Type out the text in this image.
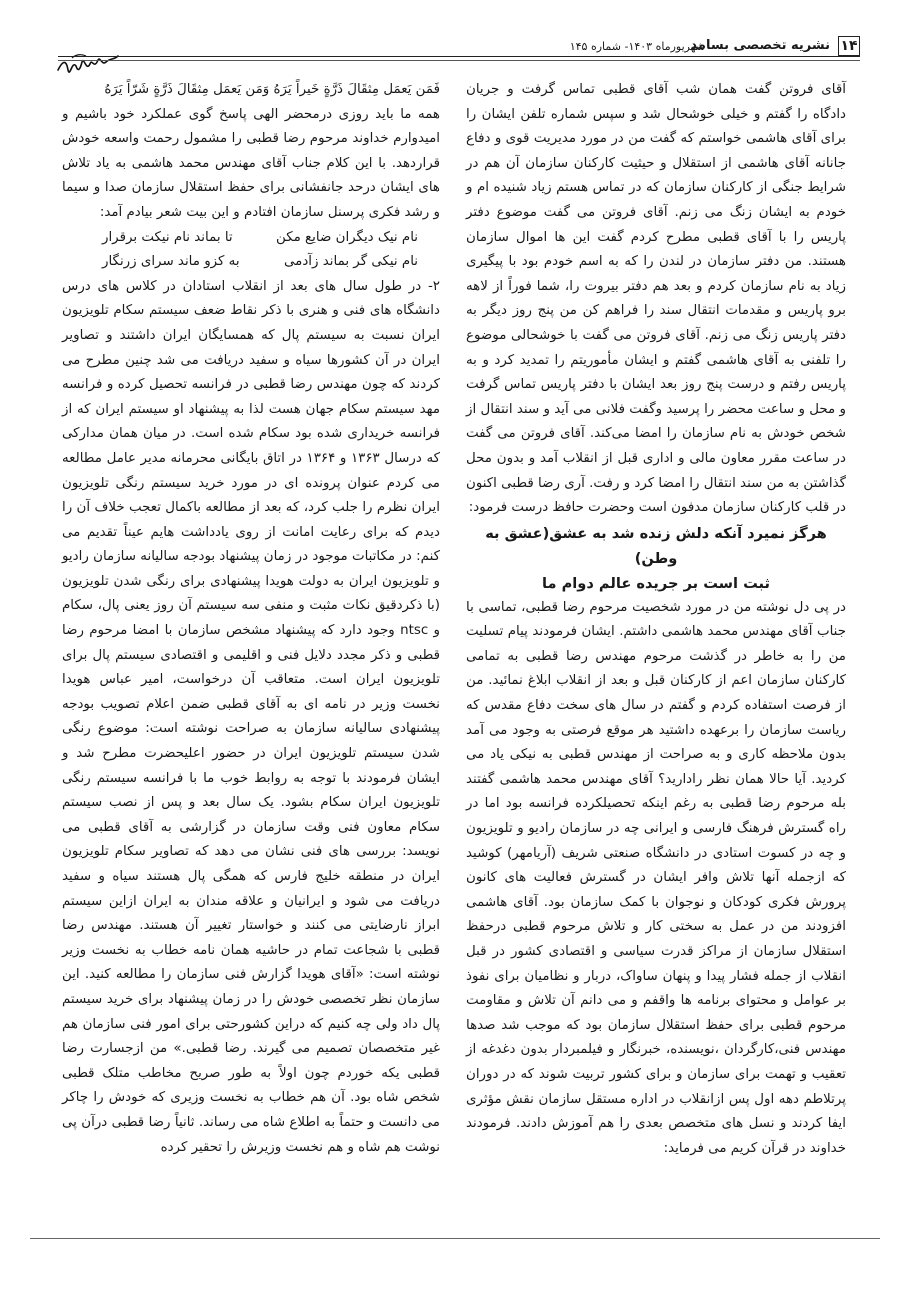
۱۴
نشریه تخصصی بسامد
شهریورماه ۱۴۰۳- شماره ۱۴۵

آقای فروتن گفت همان شب آقای قطبی تماس گرفت و جریان دادگاه را گفتم و خیلی خوشحال شد و سپس شماره تلفن ایشان را برای آقای هاشمی خواستم که گفت من در مورد مدیریت قوی و دفاع جانانه آقای هاشمی از استقلال و حیثیت کارکنان سازمان آن هم در شرایط جنگی از کارکنان سازمان که در تماس هستم زیاد شنیده ام و خودم به ایشان زنگ می زنم. آقای فروتن می گفت موضوع دفتر پاریس را با آقای قطبی مطرح کردم گفت این ها اموال سازمان هستند. من دفتر سازمان در لندن را که به اسم خودم بود با پیگیری زیاد به نام سازمان کردم و بعد هم دفتر بیروت را، شما فوراً از لاهه برو پاریس و مقدمات انتقال سند را فراهم کن من پنج روز دیگر به دفتر پاریس زنگ می زنم. آقای فروتن می گفت با خوشحالی موضوع را تلفنی به آقای هاشمی گفتم و ایشان مأموریتم را تمدید کرد و به پاریس رفتم و درست پنج روز بعد ایشان با دفتر پاریس تماس گرفت و محل و ساعت محضر را پرسید وگفت فلانی می آید و سند انتقال از شخص خودش به نام سازمان را امضا می‌کند. آقای فروتن می گفت در ساعت مقرر معاون مالی و اداری قبل از انقلاب آمد و بدون محل گذاشتن به من سند انتقال را امضا کرد و رفت. آری رضا قطبی اکنون در قلب کارکنان سازمان مدفون است وحضرت حافظ درست فرمود:

هرگز نمیرد آنکه دلش زنده شد به عشق(عشق به وطن)

ثبت است بر جریده عالم دوام ما

در پی دل نوشته من در مورد شخصیت مرحوم رضا قطبی، تماسی با جناب آقای مهندس محمد هاشمی داشتم. ایشان فرمودند پیام تسلیت من را به خاطر در گذشت مرحوم مهندس رضا قطبی به تمامی کارکنان سازمان اعم از کارکنان قبل و بعد از انقلاب ابلاغ نمائید. من از فرصت استفاده کردم و گفتم در سال های سخت دفاع مقدس که ریاست سازمان را برعهده داشتید هر موقع فرصتی به وجود می آمد بدون ملاحظه کاری و به صراحت از مهندس قطبی به نیکی یاد می کردید. آیا حالا همان نظر رادارید؟ آقای مهندس محمد هاشمی گفتند بله مرحوم رضا قطبی به رغم اینکه تحصیلکرده فرانسه بود اما در راه گسترش فرهنگ فارسی و ایرانی چه در سازمان رادیو و تلویزیون و چه در کسوت استادی در دانشگاه صنعتی شریف (آریامهر) کوشید که ازجمله آنها تلاش وافر ایشان در گسترش فعالیت های کانون پرورش فکری کودکان و نوجوان با کمک سازمان بود. آقای هاشمی افزودند من در عمل به سختی کار و تلاش مرحوم قطبی درحفظ استقلال سازمان از مراکز قدرت سیاسی و اقتصادی کشور در قبل انقلاب از جمله فشار پیدا و پنهان ساواک، دربار و نظامیان برای نفوذ بر عوامل و محتوای برنامه ها واقفم و می دانم آن تلاش و مقاومت مرحوم قطبی برای حفظ استقلال سازمان بود که موجب شد صدها مهندس فنی،کارگردان ،نویسنده، خبرنگار و فیلمبردار بدون دغدغه از تعقیب و تهمت برای سازمان و برای کشور تربیت شوند که در دوران پرتلاطم دهه اول پس ازانقلاب در اداره مستقل سازمان نقش مؤثری ایفا کردند و نسل های متخصص بعدی را هم آموزش دادند. فرمودند خداوند در قرآن کریم می فرماید:

فَمَن یَعمَل مِثقَالَ ذَرَّةٍ خَیراً یَرَهُ وَمَن یَعمَل مِثقَالَ ذَرَّةٍ شَرّاً یَرَهُ

همه ما باید روزی درمحضر الهی پاسخ گوی عملکرد خود باشیم و امیدوارم خداوند مرحوم رضا قطبی را مشمول رحمت واسعه خودش قراردهد. با این کلام جناب آقای مهندس محمد هاشمی به یاد تلاش های ایشان درحد جانفشانی برای حفظ استقلال سازمان صدا و سیما و رشد فکری پرسنل سازمان افتادم و این بیت شعر بیادم آمد:

نام نیک دیگران ضایع مکن
تا بماند نام نیکت برقرار
نام نیکی گر بماند زآدمی
به کزو ماند سرای زرنگار

۲- در طول سال های بعد از انقلاب استادان در کلاس های درس دانشگاه های فنی و هنری با ذکر نقاط ضعف سیستم سکام تلویزیون ایران نسبت به سیستم پال که همسایگان ایران داشتند و تصاویر ایران در آن کشورها سیاه و سفید دریافت می شد چنین مطرح می کردند که چون مهندس رضا قطبی در فرانسه تحصیل کرده و فرانسه مهد سیستم سکام جهان هست لذا به پیشنهاد او سیستم ایران که از فرانسه خریداری شده بود سکام شده است. در میان همان مدارکی که درسال ۱۳۶۳ و ۱۳۶۴ در اتاق بایگانی محرمانه مدیر عامل مطالعه می کردم عنوان پرونده ای در مورد خرید سیستم رنگی تلویزیون ایران نظرم را جلب کرد، که بعد از مطالعه باکمال تعجب خلاف آن را دیدم که برای رعایت امانت از روی یادداشت هایم عیناً تقدیم می کنم: در مکاتبات موجود در زمان پیشنهاد بودجه سالیانه سازمان رادیو و تلویزیون ایران به دولت هویدا پیشنهادی برای رنگی شدن تلویزیون (با ذکردقیق نکات مثبت و منفی سه سیستم آن روز یعنی پال، سکام و ntsc وجود دارد که پیشنهاد مشخص سازمان با امضا مرحوم رضا قطبی و ذکر مجدد دلایل فنی و اقلیمی و اقتصادی سیستم پال برای تلویزیون ایران است. متعاقب آن درخواست، امیر عباس هویدا نخست وزیر در نامه ای به آقای قطبی ضمن اعلام تصویب بودجه پیشنهادی سالیانه سازمان به صراحت نوشته است: موضوع رنگی شدن سیستم تلویزیون ایران در حضور اعلیحضرت مطرح شد و ایشان فرمودند با توجه به روابط خوب ما با فرانسه سیستم رنگی تلویزیون ایران سکام بشود. یک سال بعد و پس از نصب سیستم سکام معاون فنی وقت سازمان در گزارشی به آقای قطبی می نویسد: بررسی های فنی نشان می دهد که تصاویر سکام تلویزیون ایران در منطقه خلیج فارس که همگی پال هستند سیاه و سفید دریافت می شود و ایرانیان و علاقه مندان به ایران ازاین سیستم ابراز نارضایتی می کنند و خواستار تغییر آن هستند. مهندس رضا قطبی با شجاعت تمام در حاشیه همان نامه خطاب به نخست وزیر نوشته است: «آقای هویدا گزارش فنی سازمان را مطالعه کنید. این سازمان نظر تخصصی خودش را در زمان پیشنهاد برای خرید سیستم پال داد ولی چه کنیم که دراین کشورحتی برای امور فنی سازمان هم غیر متخصصان تصمیم می گیرند. رضا قطبی.» من ازجسارت رضا قطبی یکه خوردم چون اولاً به طور صریح مخاطب متلک قطبی شخص شاه بود. آن هم خطاب به نخست وزیری که خودش را چاکر می دانست و حتماً به اطلاع شاه می رساند. ثانیاً رضا قطبی درآن پی نوشت هم شاه و هم نخست وزیرش را تحقیر کرده
